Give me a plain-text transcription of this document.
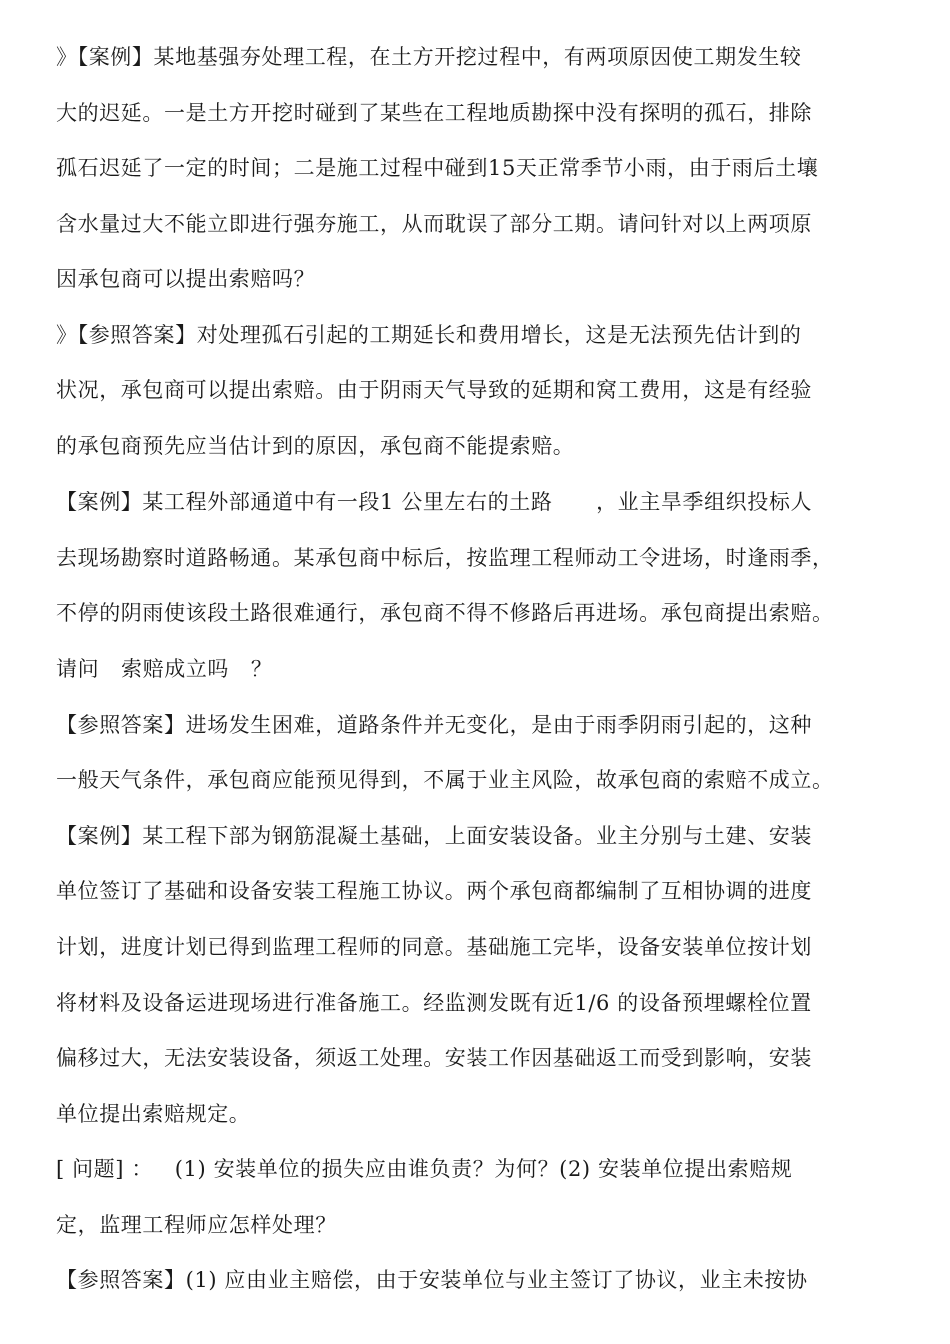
》【案例】某地基强夯处理工程，在土方开挖过程中，有两项原因使工期发生较
大的迟延。一是土方开挖时碰到了某些在工程地质勘探中没有探明的孤石，排除
孤石迟延了一定的时间；二是施工过程中碰到15天正常季节小雨，由于雨后土壤
含水量过大不能立即进行强夯施工，从而耽误了部分工期。请问针对以上两项原
因承包商可以提出索赔吗？
》【参照答案】对处理孤石引起的工期延长和费用增长，这是无法预先估计到的
状况，承包商可以提出索赔。由于阴雨天气导致的延期和窝工费用，这是有经验
的承包商预先应当估计到的原因，承包商不能提索赔。
【案例】某工程外部通道中有一段1 公里左右的土路      ，业主旱季组织投标人
去现场勘察时道路畅通。某承包商中标后，按监理工程师动工令进场，时逢雨季，
不停的阴雨使该段土路很难通行，承包商不得不修路后再进场。承包商提出索赔。
请问   索赔成立吗   ？
【参照答案】进场发生困难，道路条件并无变化，是由于雨季阴雨引起的，这种
一般天气条件，承包商应能预见得到，不属于业主风险，故承包商的索赔不成立。
【案例】某工程下部为钢筋混凝土基础，上面安装设备。业主分别与土建、安装
单位签订了基础和设备安装工程施工协议。两个承包商都编制了互相协调的进度
计划，进度计划已得到监理工程师的同意。基础施工完毕，设备安装单位按计划
将材料及设备运进现场进行准备施工。经监测发既有近1/6 的设备预埋螺栓位置
偏移过大，无法安装设备，须返工处理。安装工作因基础返工而受到影响，安装
单位提出索赔规定。
[ 问题] ：   (1) 安装单位的损失应由谁负责？为何？(2) 安装单位提出索赔规
定，监理工程师应怎样处理？
【参照答案】(1) 应由业主赔偿，由于安装单位与业主签订了协议，业主未按协
